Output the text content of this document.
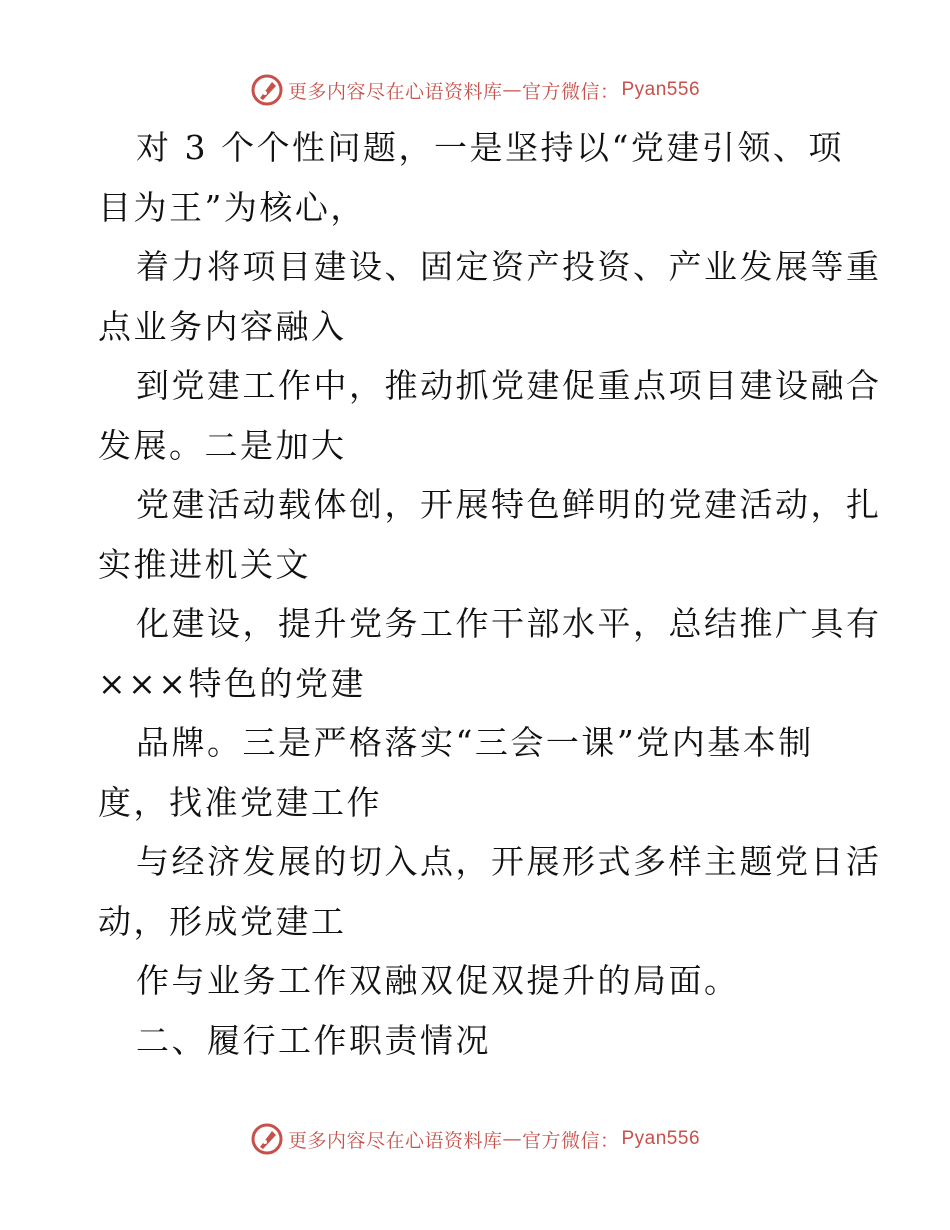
更多内容尽在心语资料库 — 官方微信： Pyan556
对 3 个个性问题，一是坚持以“党建引领、项
目为王”为核心，
着力将项目建设、固定资产投资、产业发展等重
点业务内容融入
到党建工作中，推动抓党建促重点项目建设融合
发展。二是加大
党建活动载体创，开展特色鲜明的党建活动，扎
实推进机关文
化建设，提升党务工作干部水平，总结推广具有
×××特色的党建
品牌。三是严格落实“三会一课”党内基本制
度，找准党建工作
与经济发展的切入点，开展形式多样主题党日活
动，形成党建工
作与业务工作双融双促双提升的局面。
二、履行工作职责情况
更多内容尽在心语资料库 — 官方微信： Pyan556
